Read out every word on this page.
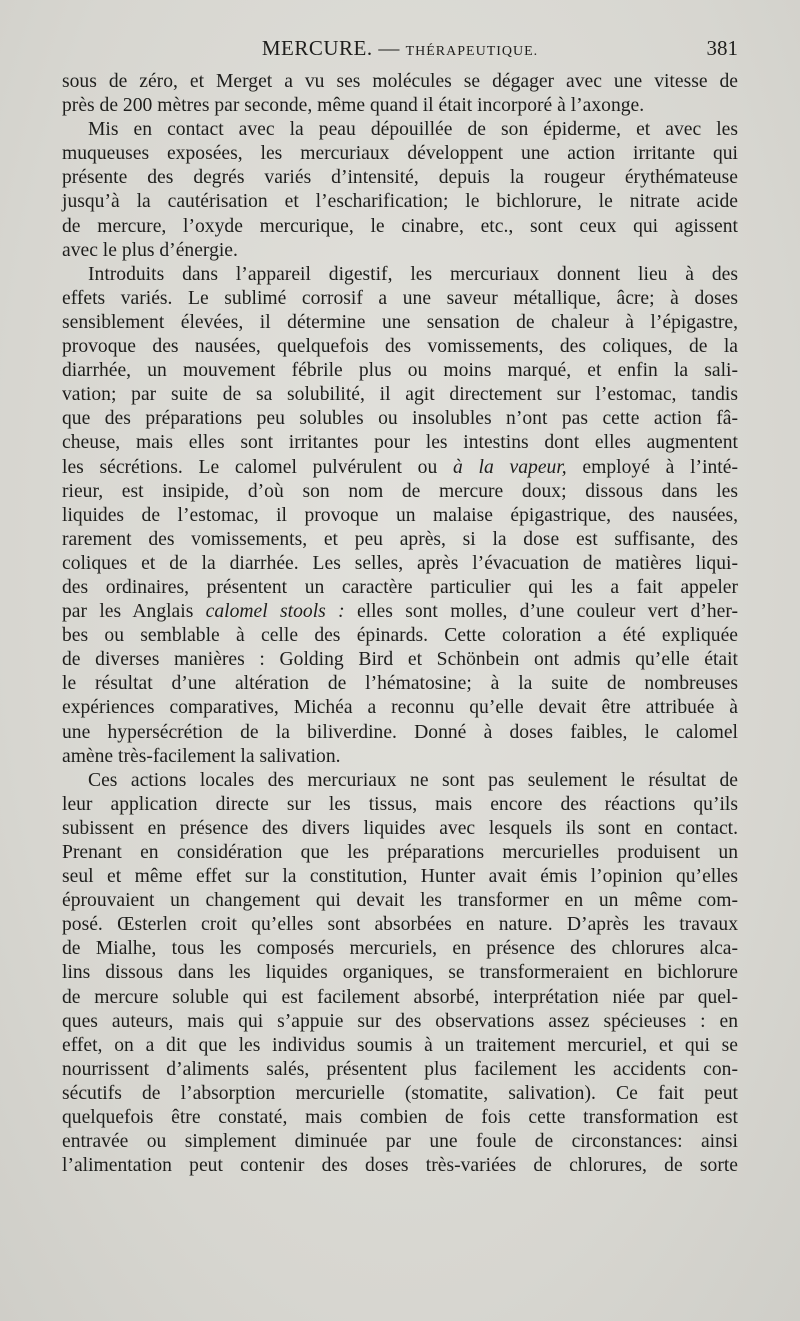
MERCURE. — THÉRAPEUTIQUE.	381
sous de zéro, et Merget a vu ses molécules se dégager avec une vitesse de
près de 200 mètres par seconde, même quand il était incorporé à l’axonge.
Mis en contact avec la peau dépouillée de son épiderme, et avec les
muqueuses exposées, les mercuriaux développent une action irritante qui
présente des degrés variés d’intensité, depuis la rougeur érythémateuse
jusqu’à la cautérisation et l’escharification; le bichlorure, le nitrate acide
de mercure, l’oxyde mercurique, le cinabre, etc., sont ceux qui agissent
avec le plus d’énergie.
Introduits dans l’appareil digestif, les mercuriaux donnent lieu à des
effets variés. Le sublimé corrosif a une saveur métallique, âcre; à doses
sensiblement élevées, il détermine une sensation de chaleur à l’épigastre,
provoque des nausées, quelquefois des vomissements, des coliques, de la
diarrhée, un mouvement fébrile plus ou moins marqué, et enfin la sali-
vation; par suite de sa solubilité, il agit directement sur l’estomac, tandis
que des préparations peu solubles ou insolubles n’ont pas cette action fâ-
cheuse, mais elles sont irritantes pour les intestins dont elles augmentent
les sécrétions. Le calomel pulvérulent ou à la vapeur, employé à l’inté-
rieur, est insipide, d’où son nom de mercure doux; dissous dans les
liquides de l’estomac, il provoque un malaise épigastrique, des nausées,
rarement des vomissements, et peu après, si la dose est suffisante, des
coliques et de la diarrhée. Les selles, après l’évacuation de matières liqui-
des ordinaires, présentent un caractère particulier qui les a fait appeler
par les Anglais calomel stools : elles sont molles, d’une couleur vert d’her-
bes ou semblable à celle des épinards. Cette coloration a été expliquée
de diverses manières : Golding Bird et Schönbein ont admis qu’elle était
le résultat d’une altération de l’hématosine; à la suite de nombreuses
expériences comparatives, Michéa a reconnu qu’elle devait être attribuée à
une hypersécrétion de la biliverdine. Donné à doses faibles, le calomel
amène très-facilement la salivation.
Ces actions locales des mercuriaux ne sont pas seulement le résultat de
leur application directe sur les tissus, mais encore des réactions qu’ils
subissent en présence des divers liquides avec lesquels ils sont en contact.
Prenant en considération que les préparations mercurielles produisent un
seul et même effet sur la constitution, Hunter avait émis l’opinion qu’elles
éprouvaient un changement qui devait les transformer en un même com-
posé. Œsterlen croit qu’elles sont absorbées en nature. D’après les travaux
de Mialhe, tous les composés mercuriels, en présence des chlorures alca-
lins dissous dans les liquides organiques, se transformeraient en bichlorure
de mercure soluble qui est facilement absorbé, interprétation niée par quel-
ques auteurs, mais qui s’appuie sur des observations assez spécieuses : en
effet, on a dit que les individus soumis à un traitement mercuriel, et qui se
nourrissent d’aliments salés, présentent plus facilement les accidents con-
sécutifs de l’absorption mercurielle (stomatite, salivation). Ce fait peut
quelquefois être constaté, mais combien de fois cette transformation est
entravée ou simplement diminuée par une foule de circonstances: ainsi
l’alimentation peut contenir des doses très-variées de chlorures, de sorte
